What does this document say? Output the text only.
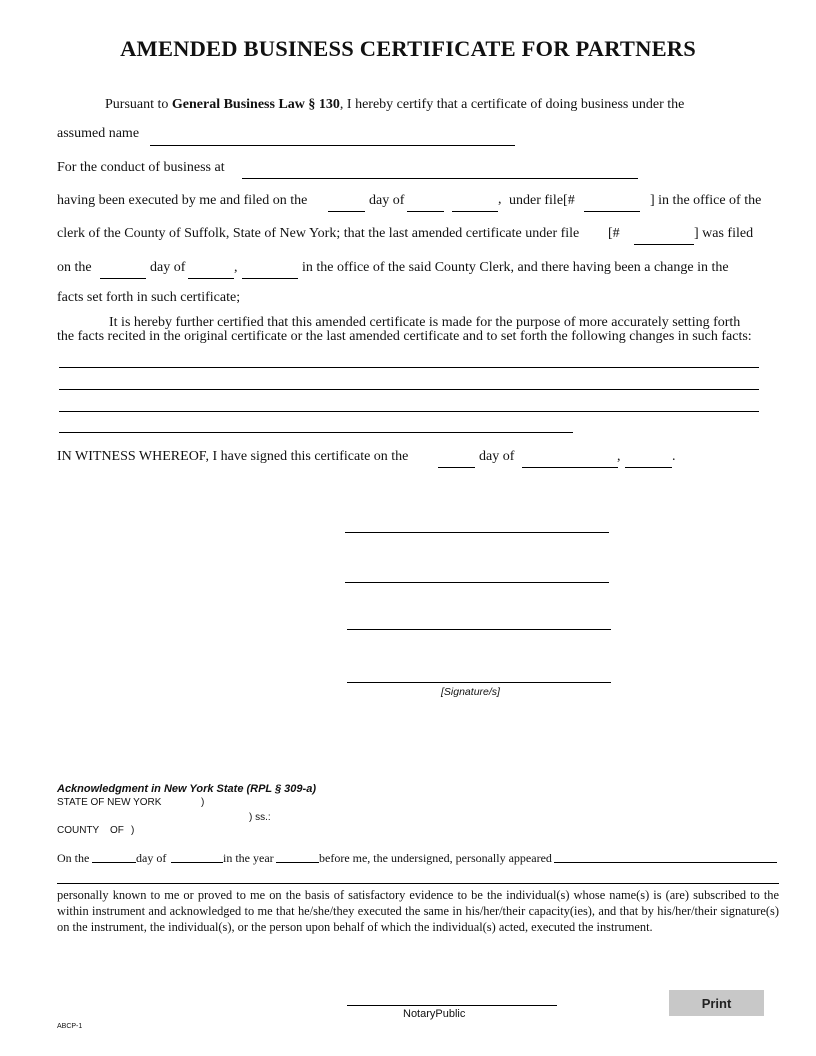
AMENDED BUSINESS CERTIFICATE FOR PARTNERS
Pursuant to General Business Law § 130, I hereby certify that a certificate of doing business under the
assumed name
For the conduct of business at
having been executed by me and filed on the	day of	, under file[#	] in the office of the
clerk of the County of Suffolk, State of New York; that the last amended certificate under file [#	] was filed
on the	day of	,	in the office of the said County Clerk, and there having been a change in the
facts set forth in such certificate;
It is hereby further certified that this amended certificate is made for the purpose of more accurately setting forth
the facts recited in the original certificate or the last amended certificate and to set forth the following changes in such facts:
IN WITNESS WHEREOF, I have signed this certificate on the	day of	,	.
[Signature/s]
Acknowledgment in New York State (RPL § 309-a)
STATE OF NEW YORK	)
) ss.:
COUNTY OF )
On the	day of	in the year	before me, the undersigned, personally appeared
personally known to me or proved to me on the basis of satisfactory evidence to be the individual(s) whose name(s) is (are) subscribed to the within instrument and acknowledged to me that he/she/they executed the same in his/her/their capacity(ies), and that by his/her/their signature(s) on the instrument, the individual(s), or the person upon behalf of which the individual(s) acted, executed the instrument.
NotaryPublic
Print
ABCP-1
